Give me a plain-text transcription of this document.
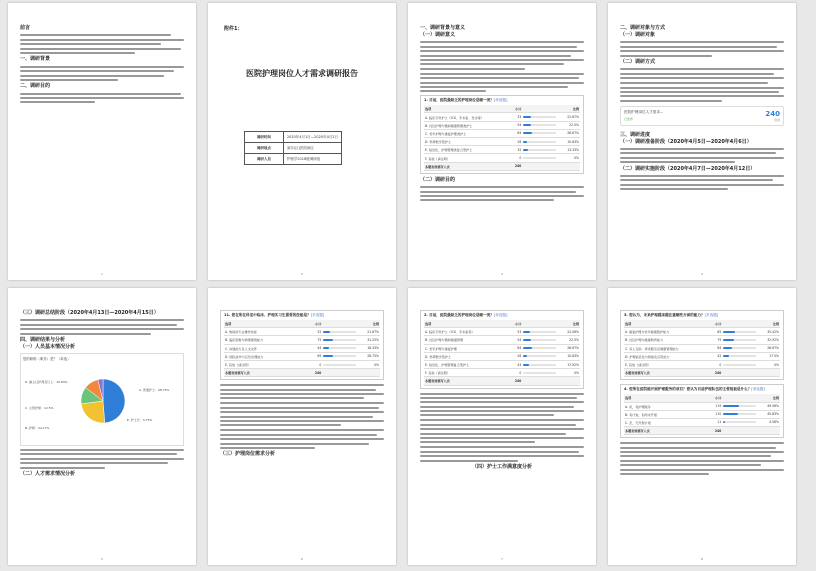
前言
一、调研背景
二、调研目的
1
附件1：
医院护理岗位人才需求调研报告
调研时间	2020年4月1日—2020年4月2日
调研地点	某市(区)医院病区
调研人员	护理学2016级调研组
2
一、调研背景与意义
（一）调研意义
1. 目前，医院最缺乏的护理岗位是哪一类？[单选题]
选项	小计		比例
A. 临床专科护士（ICU、手术室、急诊等）	33		22.67%
B. 社区护理与慢病健康管理类护士	54		22.5%
C. 老年护理与康复护理类护士	64		26.67%
D. 科研教学型护士	26		10.83%
E. 信息化、护理管理类复合型护士	32		13.33%
F. 其他（请注明）	0		0%
本题有效填写人次	240		
（二）调研目的
3
二、调研对象与方式
（一）调研对象
（二）调研方式
医院护理岗位人才需求...
已发布
240
答卷
三、调研进度
（一）调研准备阶段（2020年4月5日—2020年4月6日）
（二）调研实施阶段（2020年4月7日—2020年4月12日）
4
（三）调研总结阶段（2020年4月13日—2020年4月15日）
四、调研结果与分析
（一）人员基本情况分析
您的职称（职务）是？（单选）
A. 普通护士：48.75%
B. 护师：24.17%
C. 主管护师：12.5%
D. 副主任护师及以上：10.83%
E. 护士长：3.75%
（二）人才需求情况分析
5
11. 您在所在科室中临床、护理实习生需要的技能是？[多选题]
选项	小计		比例
A. 熟练的专业操作技能	52		21.67%
B. 临床思维与病情观察能力	75		31.25%
C. 沟通能力及人文关怀	44		18.33%
D. 团队协作与应急处理能力	69		28.75%
E. 其他（请注明）	0		0%
本题有效填写人次	240		
（三）护理岗位需求分析
6
2. 目前，医院最缺乏的护理岗位是哪一类？[单选题]
选项	小计		比例
A. 临床专科护士（ICU、手术室等）	53		22.08%
B. 社区护理与慢病健康管理	54		22.5%
C. 老年护理与康复护理	64		26.67%
D. 科研教学型护士	26		10.83%
E. 信息化、护理管理复合型护士	43		17.92%
F. 其他（请注明）	0		0%
本题有效填写人次	240		
（四）护士工作满意度分析
7
3. 您认为，未来护理越来越注重哪些方面的能力？[多选题]
选项	小计		比例
A. 康复护理与老年健康照护能力	85		35.42%
B. 社区护理与健康教育能力	79		32.92%
C. 双人互助、养老服务及健康管理能力	64		26.67%
D. 护理信息化与智能化应用能力	42		17.5%
E. 其他（请注明）	0		0%
本题有效填写人次	240		
4. 您所在医院能开展护理服务的项目？您认为目前护理队伍的主要短板是什么？[单选题]
选项	小计		比例
A. 是，有护理服务	119		49.58%
B. 有计划，但尚未开展	110		45.83%
C. 否，无开展计划	11		4.58%
本题有效填写人次	240		
8
